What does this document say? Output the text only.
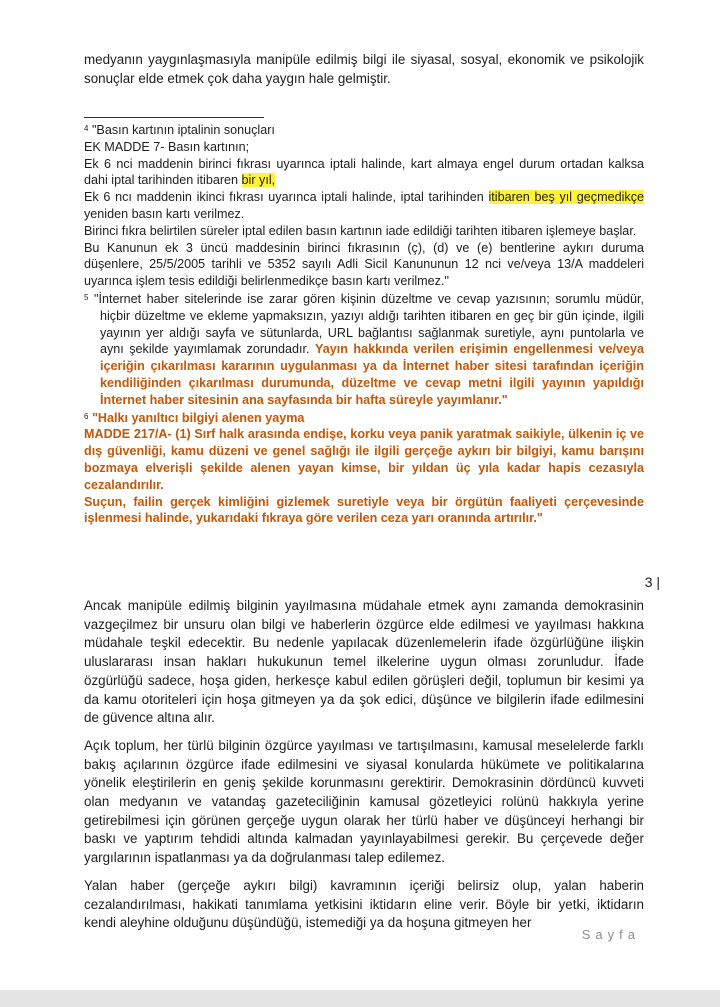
medyanın yaygınlaşmasıyla manipüle edilmiş bilgi ile siyasal, sosyal, ekonomik ve psikolojik sonuçlar elde etmek çok daha yaygın hale gelmiştir.

$^4$ "Basın kartının iptalinin sonuçları

EK MADDE 7- Basın kartının;

Ek 6 nci maddenin birinci fıkrası uyarınca iptali halinde, kart almaya engel durum ortadan kalksa dahi iptal tarihinden itibaren bir yıl,

Ek 6 ncı maddenin ikinci fıkrası uyarınca iptali halinde, iptal tarihinden itibaren beş yıl geçmedikçe yeniden basın kartı verilmez.

Birinci fıkra belirtilen süreler iptal edilen basın kartının iade edildiği tarihten itibaren işlemeye başlar.

Bu Kanunun ek 3 üncü maddesinin birinci fıkrasının (ç), (d) ve (e) bentlerine aykırı duruma düşenlere, 25/5/2005 tarihli ve 5352 sayılı Adli Sicil Kanununun 12 nci ve/veya 13/A maddeleri uyarınca işlem tesis edildiği belirlenmedikçe basın kartı verilmez."

$^5$ "İnternet haber sitelerinde ise zarar gören kişinin düzeltme ve cevap yazısının; sorumlu müdür, hiçbir düzeltme ve ekleme yapmaksızın, yazıyı aldığı tarihten itibaren en geç bir gün içinde, ilgili yayının yer aldığı sayfa ve sütunlarda, URL bağlantısı sağlanmak suretiyle, aynı puntolarla ve aynı şekilde yayımlamak zorundadır. Yayın hakkında verilen erişimin engellenmesi ve/veya içeriğin çıkarılması kararının uygulanması ya da İnternet haber sitesi tarafından içeriğin kendiliğinden çıkarılması durumunda, düzeltme ve cevap metni ilgili yayının yapıldığı İnternet haber sitesinin ana sayfasında bir hafta süreyle yayımlanır."

$^6$ "Halkı yanıltıcı bilgiyi alenen yayma

MADDE 217/A- (1) Sırf halk arasında endişe, korku veya panik yaratmak saikiyle, ülkenin iç ve dış güvenliği, kamu düzeni ve genel sağlığı ile ilgili gerçeğe aykırı bir bilgiyi, kamu barışını bozmaya elverişli şekilde alenen yayan kimse, bir yıldan üç yıla kadar hapis cezasıyla cezalandırılır.

Suçun, failin gerçek kimliğini gizlemek suretiyle veya bir örgütün faaliyeti çerçevesinde işlenmesi halinde, yukarıdaki fıkraya göre verilen ceza yarı oranında artırılır."

3 |

Ancak manipüle edilmiş bilginin yayılmasına müdahale etmek aynı zamanda demokrasinin vazgeçilmez bir unsuru olan bilgi ve haberlerin özgürce elde edilmesi ve yayılması hakkına müdahale teşkil edecektir. Bu nedenle yapılacak düzenlemelerin ifade özgürlüğüne ilişkin uluslararası insan hakları hukukunun temel ilkelerine uygun olması zorunludur. İfade özgürlüğü sadece, hoşa giden, herkesçe kabul edilen görüşleri değil, toplumun bir kesimi ya da kamu otoriteleri için hoşa gitmeyen ya da şok edici, düşünce ve bilgilerin ifade edilmesini de güvence altına alır.

Açık toplum, her türlü bilginin özgürce yayılması ve tartışılmasını, kamusal meselelerde farklı bakış açılarının özgürce ifade edilmesini ve siyasal konularda hükümete ve politikalarına yönelik eleştirilerin en geniş şekilde korunmasını gerektirir. Demokrasinin dördüncü kuvveti olan medyanın ve vatandaş gazeteciliğinin kamusal gözetleyici rolünü hakkıyla yerine getirebilmesi için görünen gerçeğe uygun olarak her türlü haber ve düşünceyi herhangi bir baskı ve yaptırım tehdidi altında kalmadan yayınlayabilmesi gerekir. Bu çerçevede değer yargılarının ispatlanması ya da doğrulanması talep edilemez.

Yalan haber (gerçeğe aykırı bilgi) kavramının içeriği belirsiz olup, yalan haberin cezalandırılması, hakikati tanımlama yetkisini iktidarın eline verir. Böyle bir yetki, iktidarın kendi aleyhine olduğunu düşündüğü, istemediği ya da hoşuna gitmeyen her

Sayfa
